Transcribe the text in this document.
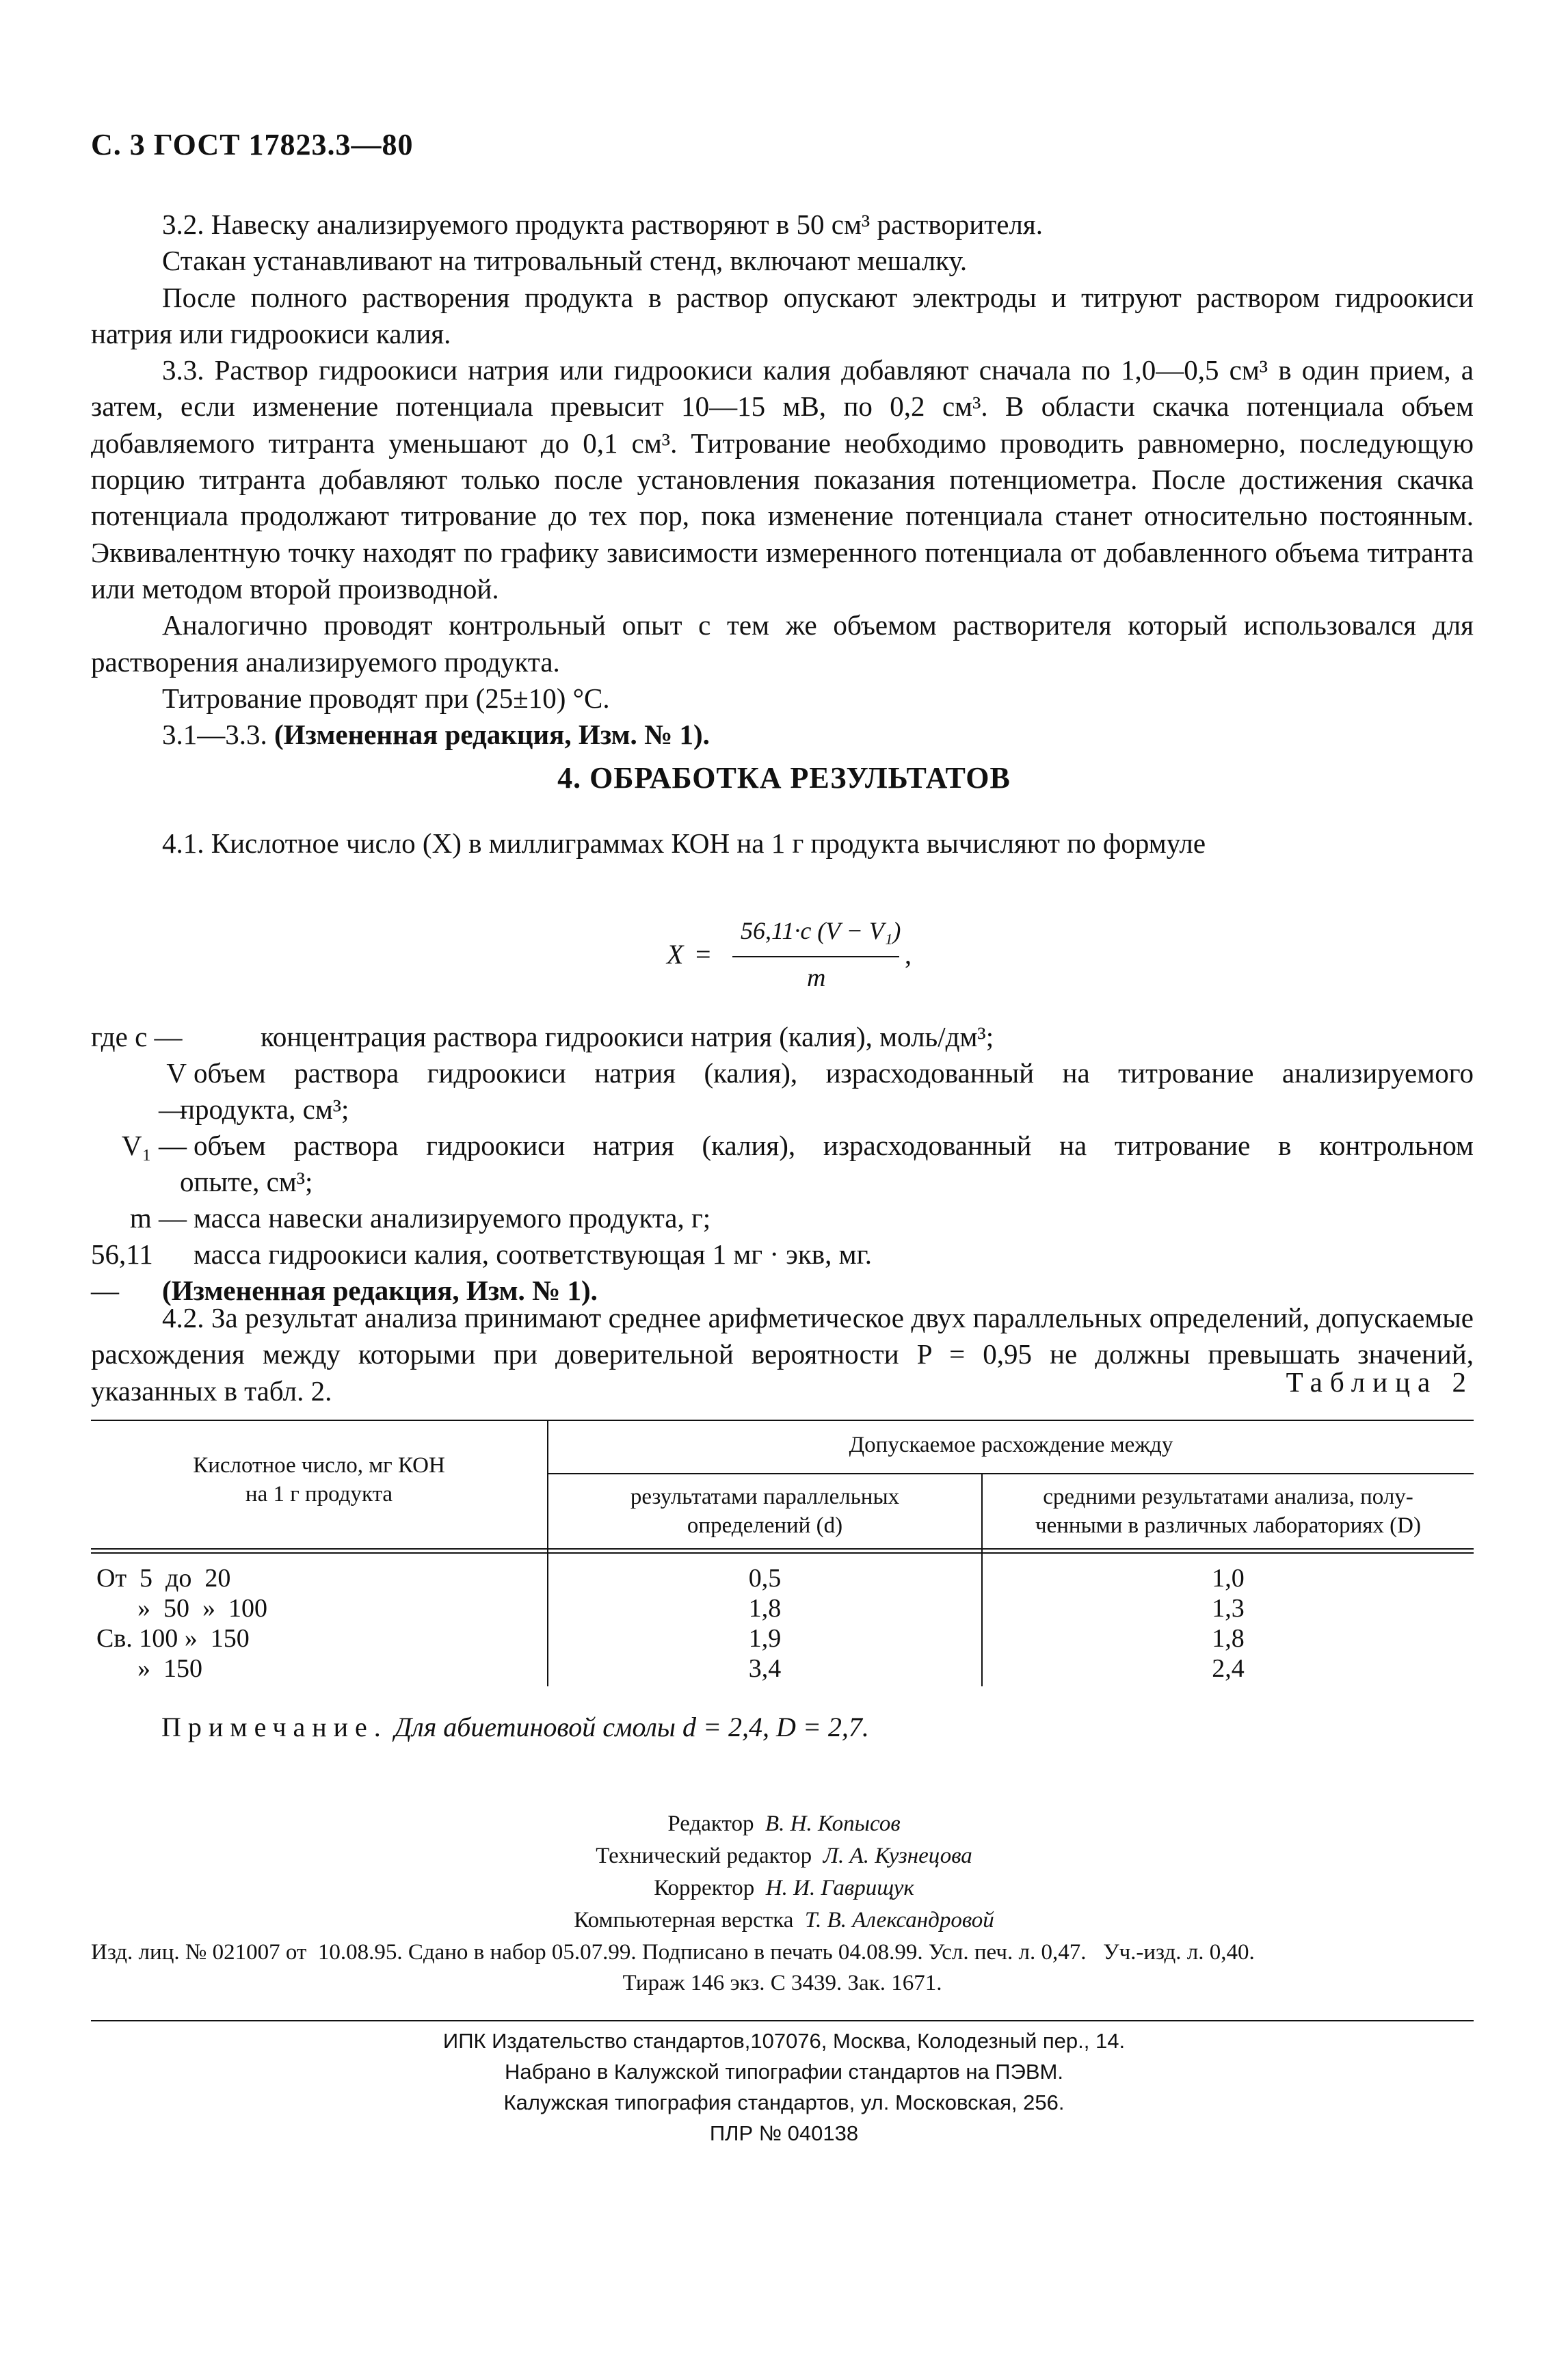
С. 3 ГОСТ 17823.3—80

3.2. Навеску анализируемого продукта растворяют в 50 см³ растворителя.

Стакан устанавливают на титровальный стенд, включают мешалку.

После полного растворения продукта в раствор опускают электроды и титруют раствором гидроокиси натрия или гидроокиси калия.

3.3. Раствор гидроокиси натрия или гидроокиси калия добавляют сначала по 1,0—0,5 см³ в один прием, а затем, если изменение потенциала превысит 10—15 мВ, по 0,2 см³. В области скачка потенциала объем добавляемого титранта уменьшают до 0,1 см³. Титрование необходимо проводить равномерно, последующую порцию титранта добавляют только после установления показания потенциометра. После достижения скачка потенциала продолжают титрование до тех пор, пока изменение потенциала станет относительно постоянным. Эквивалентную точку находят по графику зависимости измеренного потенциала от добавленного объема титранта или методом второй производной.

Аналогично проводят контрольный опыт с тем же объемом растворителя который использовался для растворения анализируемого продукта.

Титрование проводят при (25±10) °С.

3.1—3.3. (Измененная редакция, Изм. № 1).

4. ОБРАБОТКА РЕЗУЛЬТАТОВ

4.1. Кислотное число (X) в миллиграммах КОН на 1 г продукта вычисляют по формуле

X =
56,11·c (V − V₁)
m
,
где c —	концентрация раствора гидроокиси натрия (калия), моль/дм³;
V —
объем раствора гидроокиси натрия (калия), израсходованный на титрование анализируемого
продукта, см³;
V₁ — объем раствора гидроокиси натрия (калия), израсходованный на титрование в контрольном
опыте, см³;
m — масса навески анализируемого продукта, г;
56,11 —
масса гидроокиси калия, соответствующая 1 мг · экв, мг.
(Измененная редакция, Изм. № 1).

4.2. За результат анализа принимают среднее арифметическое двух параллельных определений, допускаемые расхождения между которыми при доверительной вероятности P = 0,95 не должны превышать значений, указанных в табл. 2.	Таблица 2
Кислотное число, мг КОН
на 1 г продукта
Допускаемое расхождение между
результатами параллельных
определений (d)
средними результатами анализа, полу-
ченными в различных лабораториях (D)
От  5  до  20
»  50  »  100
Св. 100 »  150
»  150
0,5
1,8
1,9
3,4
1,0
1,3
1,8
2,4
Примечание. Для абиетиновой смолы d = 2,4, D = 2,7.
Редактор В. Н. Копысов
Технический редактор Л. А. Кузнецова
Корректор Н. И. Гаврищук
Компьютерная верстка Т. В. Александровой
Изд. лиц. № 021007 от  10.08.95. Сдано в набор 05.07.99. Подписано в печать 04.08.99. Усл. печ. л. 0,47.   Уч.-изд. л. 0,40.
Тираж 146 экз. С 3439. Зак. 1671.
ИПК Издательство стандартов,107076, Москва, Колодезный пер., 14.
Набрано в Калужской типографии стандартов на ПЭВМ.
Калужская типография стандартов, ул. Московская, 256.
ПЛР № 040138
